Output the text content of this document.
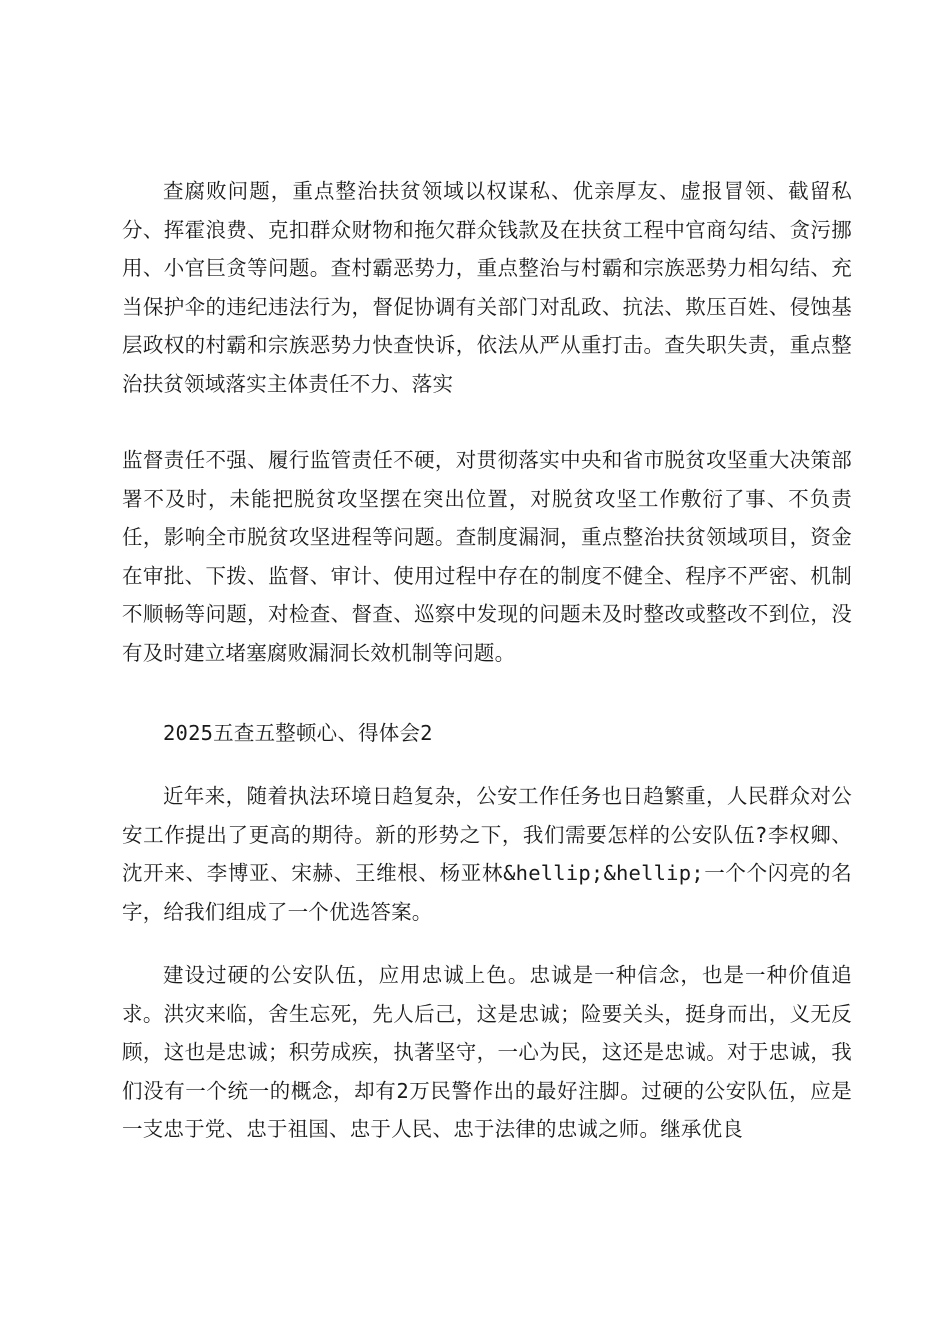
查腐败问题，重点整治扶贫领域以权谋私、优亲厚友、虚报冒领、截留私分、挥霍浪费、克扣群众财物和拖欠群众钱款及在扶贫工程中官商勾结、贪污挪用、小官巨贪等问题。查村霸恶势力，重点整治与村霸和宗族恶势力相勾结、充当保护伞的违纪违法行为，督促协调有关部门对乱政、抗法、欺压百姓、侵蚀基层政权的村霸和宗族恶势力快查快诉，依法从严从重打击。查失职失责，重点整治扶贫领域落实主体责任不力、落实

监督责任不强、履行监管责任不硬，对贯彻落实中央和省市脱贫攻坚重大决策部署不及时，未能把脱贫攻坚摆在突出位置，对脱贫攻坚工作敷衍了事、不负责任，影响全市脱贫攻坚进程等问题。查制度漏洞，重点整治扶贫领域项目，资金在审批、下拨、监督、审计、使用过程中存在的制度不健全、程序不严密、机制不顺畅等问题，对检查、督查、巡察中发现的问题未及时整改或整改不到位，没有及时建立堵塞腐败漏洞长效机制等问题。

2025五查五整顿心、得体会2

近年来，随着执法环境日趋复杂，公安工作任务也日趋繁重，人民群众对公安工作提出了更高的期待。新的形势之下，我们需要怎样的公安队伍?李权卿、沈开来、李博亚、宋赫、王维根、杨亚林&hellip;&hellip;一个个闪亮的名字，给我们组成了一个优选答案。

建设过硬的公安队伍，应用忠诚上色。忠诚是一种信念，也是一种价值追求。洪灾来临，舍生忘死，先人后己，这是忠诚；险要关头，挺身而出，义无反顾，这也是忠诚；积劳成疾，执著坚守，一心为民，这还是忠诚。对于忠诚，我们没有一个统一的概念，却有2万民警作出的最好注脚。过硬的公安队伍，应是一支忠于党、忠于祖国、忠于人民、忠于法律的忠诚之师。继承优良
